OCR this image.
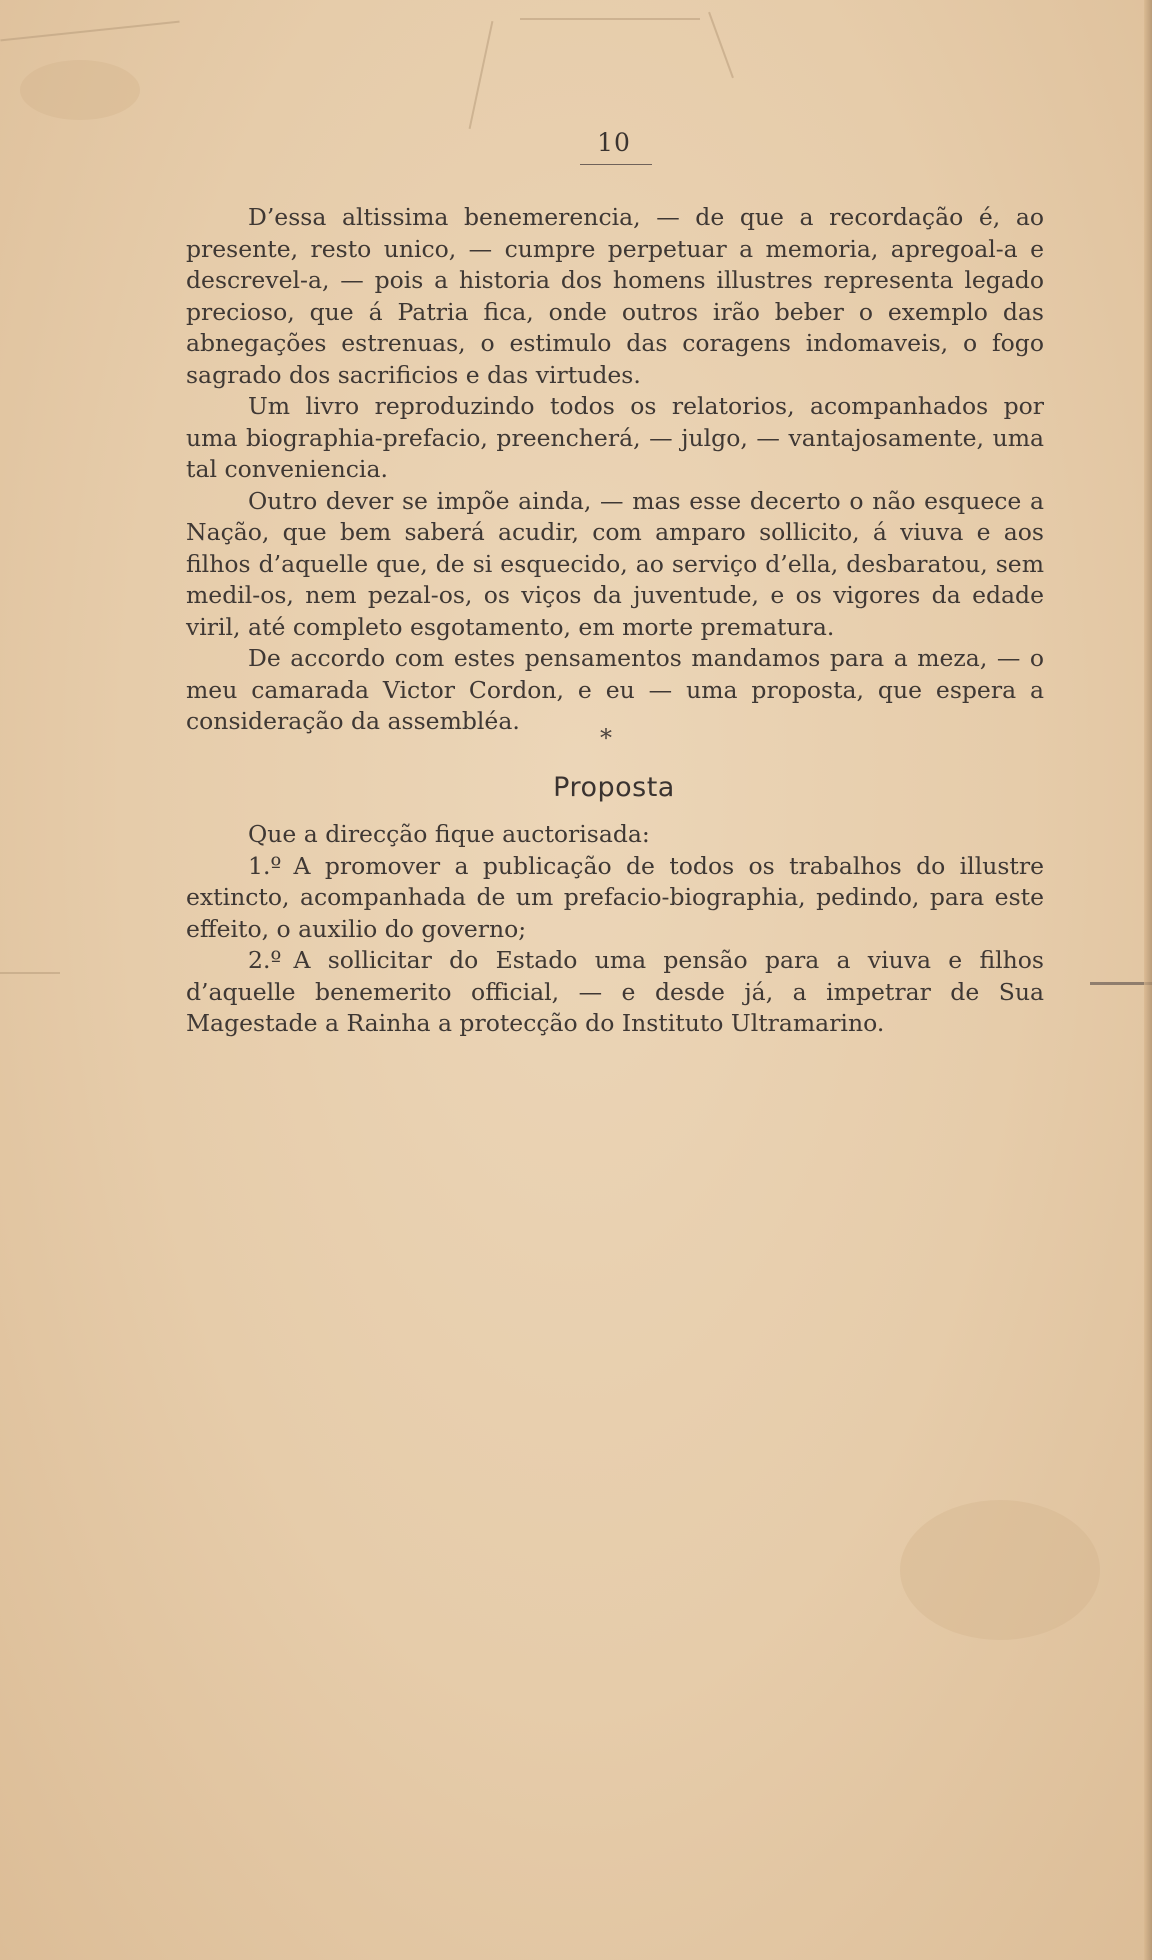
10

D’essa altissima benemerencia, — de que a recordação é, ao presente, resto unico, — cumpre perpetuar a memoria, apregoal-a e descrevel-a, — pois a historia dos homens illustres representa legado precioso, que á Patria fica, onde outros irão beber o exemplo das abnegações estrenuas, o estimulo das coragens indomaveis, o fogo sagrado dos sacrificios e das virtudes.

Um livro reproduzindo todos os relatorios, acompanhados por uma biographia-prefacio, preencherá, — julgo, — vantajosamente, uma tal conveniencia.

Outro dever se impõe ainda, — mas esse decerto o não esquece a Nação, que bem saberá acudir, com amparo sollicito, á viuva e aos filhos d’aquelle que, de si esquecido, ao serviço d’ella, desbaratou, sem medil-os, nem pezal-os, os viços da juventude, e os vigores da edade viril, até completo esgotamento, em morte prematura.

De accordo com estes pensamentos mandamos para a meza, — o meu camarada Victor Cordon, e eu — uma proposta, que espera a consideração da assembléa.

*
Proposta

Que a direcção fique auctorisada:

1.º A promover a publicação de todos os trabalhos do illustre extincto, acompanhada de um prefacio-biographia, pedindo, para este effeito, o auxilio do governo;

2.º A sollicitar do Estado uma pensão para a viuva e filhos d’aquelle benemerito official, — e desde já, a impetrar de Sua Magestade a Rainha a protecção do Instituto Ultramarino.
